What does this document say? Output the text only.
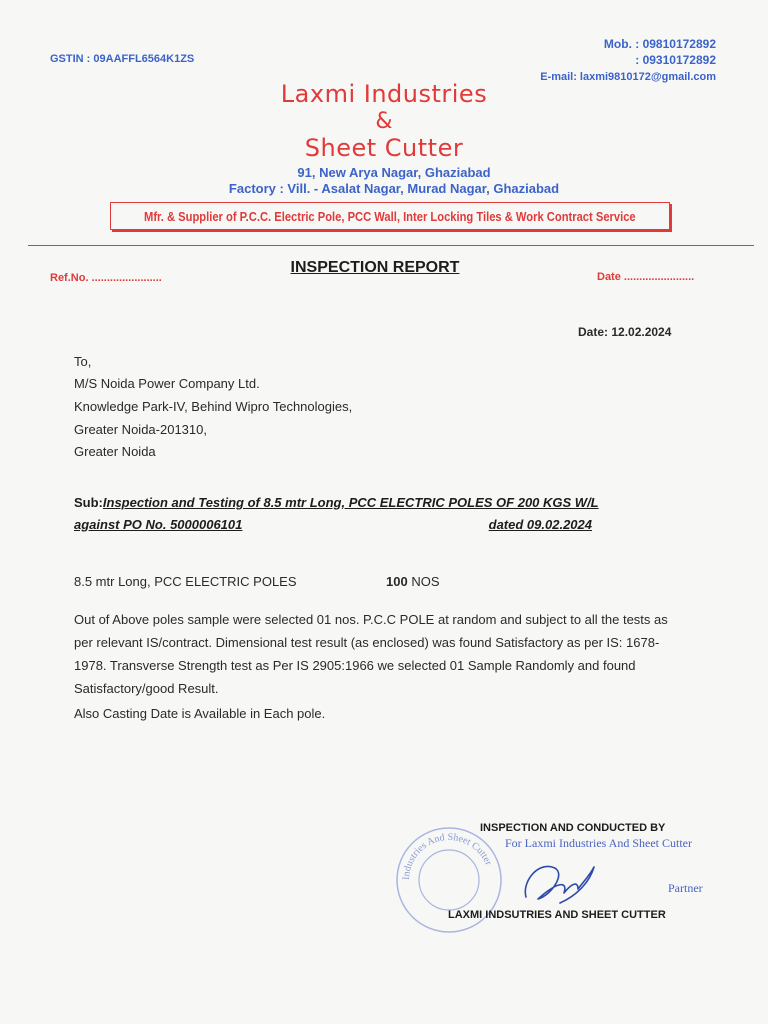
GSTIN : 09AAFFL6564K1ZS
Mob. : 09810172892
: 09310172892
E-mail: laxmi9810172@gmail.com
Laxmi Industries
&
Sheet Cutter
91, New Arya Nagar, Ghaziabad
Factory : Vill. - Asalat Nagar, Murad Nagar, Ghaziabad
Mfr. & Supplier of P.C.C. Electric Pole, PCC Wall, Inter Locking Tiles & Work Contract Service
Ref.No. .......................
INSPECTION REPORT
Date .......................
Date: 12.02.2024
To,
M/S Noida Power Company Ltd.
Knowledge Park-IV, Behind Wipro Technologies,
Greater Noida-201310,
Greater Noida
Sub:Inspection and Testing of 8.5 mtr Long, PCC ELECTRIC POLES OF 200 KGS W/L
against PO No. 5000006101	dated 09.02.2024
8.5 mtr Long, PCC ELECTRIC POLES	100 NOS
Out of Above poles sample were selected 01 nos. P.C.C POLE at random and subject to all the tests as per relevant IS/contract. Dimensional test result (as enclosed) was found Satisfactory as per IS: 1678-1978. Transverse Strength test as Per IS 2905:1966 we selected 01 Sample Randomly and found Satisfactory/good Result.
Also Casting Date is Available in Each pole.
Industries And Sheet Cutter
INSPECTION AND CONDUCTED BY
For Laxmi Industries And Sheet Cutter
Partner
LAXMI INDSUTRIES AND SHEET CUTTER
